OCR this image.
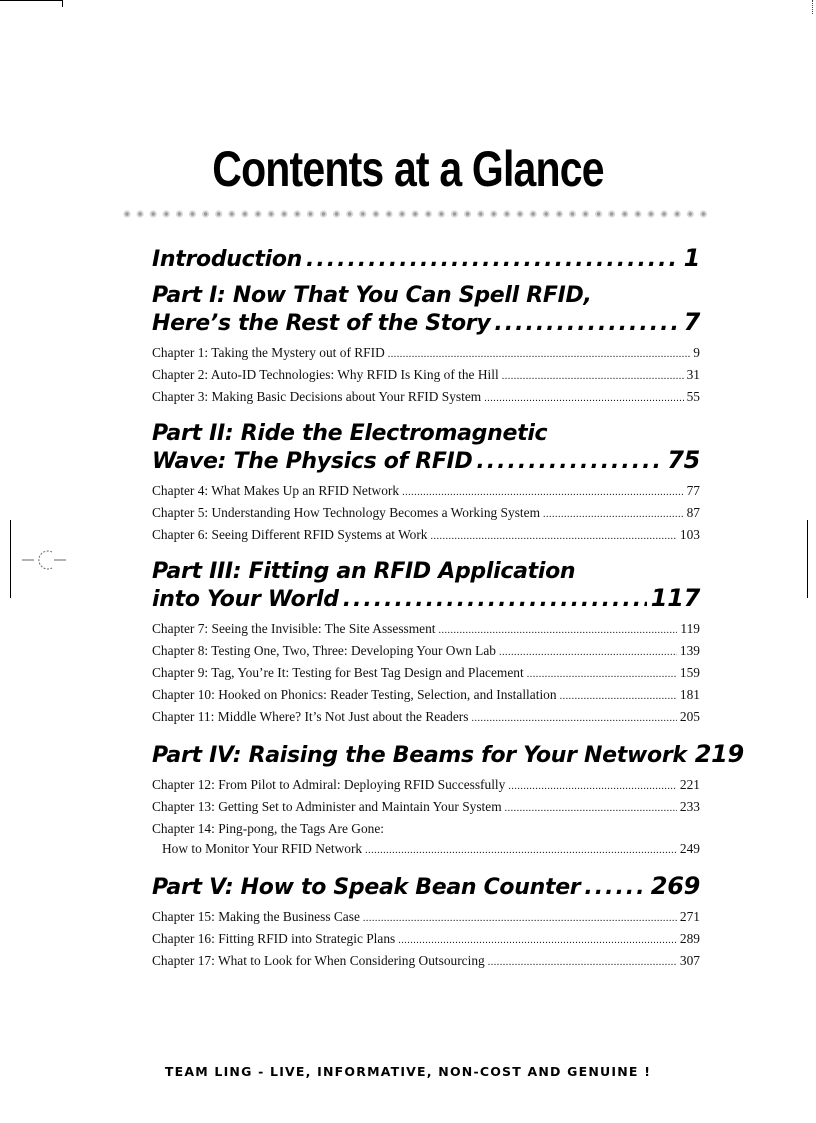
Contents at a Glance
Introduction .....	1
Part I: Now That You Can Spell RFID,
Here’s the Rest of the Story .....	7
Chapter 1: Taking the Mystery out of RFID .....	9
Chapter 2: Auto-ID Technologies: Why RFID Is King of the Hill .....	31
Chapter 3: Making Basic Decisions about Your RFID System .....	55
Part II: Ride the Electromagnetic
Wave: The Physics of RFID .....	75
Chapter 4: What Makes Up an RFID Network .....	77
Chapter 5: Understanding How Technology Becomes a Working System .....	87
Chapter 6: Seeing Different RFID Systems at Work .....	103
Part III: Fitting an RFID Application
into Your World .....	117
Chapter 7: Seeing the Invisible: The Site Assessment .....	119
Chapter 8: Testing One, Two, Three: Developing Your Own Lab .....	139
Chapter 9: Tag, You’re It: Testing for Best Tag Design and Placement .....	159
Chapter 10: Hooked on Phonics: Reader Testing, Selection, and Installation .....	181
Chapter 11: Middle Where? It’s Not Just about the Readers .....	205
Part IV: Raising the Beams for Your Network 219
Chapter 12: From Pilot to Admiral: Deploying RFID Successfully .....	221
Chapter 13: Getting Set to Administer and Maintain Your System .....	233
Chapter 14: Ping-pong, the Tags Are Gone:
How to Monitor Your RFID Network .....	249
Part V: How to Speak Bean Counter .....	269
Chapter 15: Making the Business Case .....	271
Chapter 16: Fitting RFID into Strategic Plans .....	289
Chapter 17: What to Look for When Considering Outsourcing .....	307
TEAM LING - LIVE, INFORMATIVE, NON-COST AND GENUINE !
